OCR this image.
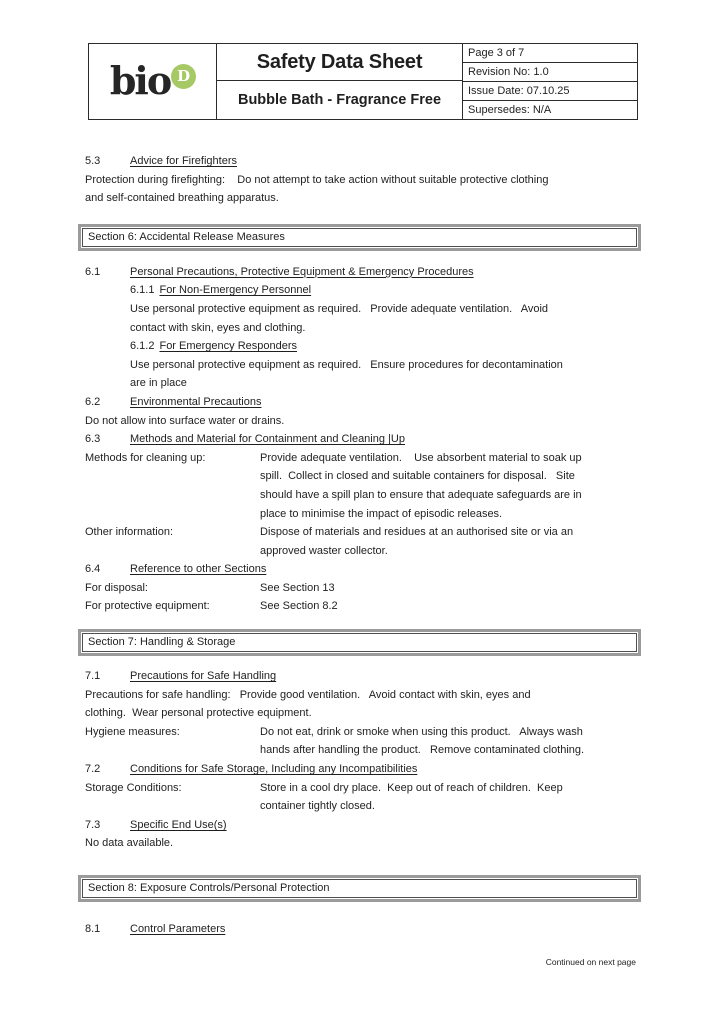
bio D
Safety Data Sheet
Bubble Bath - Fragrance Free
Page 3 of 7
Revision No: 1.0
Issue Date: 07.10.25
Supersedes: N/A
5.3	Advice for Firefighters
Protection during firefighting:    Do not attempt to take action without suitable protective clothing
and self-contained breathing apparatus.
Section 6: Accidental Release Measures
6.1	Personal Precautions, Protective Equipment & Emergency Procedures
6.1.1 For Non-Emergency Personnel
Use personal protective equipment as required.   Provide adequate ventilation.   Avoid
contact with skin, eyes and clothing.
6.1.2 For Emergency Responders
Use personal protective equipment as required.   Ensure procedures for decontamination
are in place
6.2	Environmental Precautions
Do not allow into surface water or drains.
6.3	Methods and Material for Containment and Cleaning |Up
Methods for cleaning up:	Provide adequate ventilation.    Use absorbent material to soak up
spill.  Collect in closed and suitable containers for disposal.   Site
should have a spill plan to ensure that adequate safeguards are in
place to minimise the impact of episodic releases.
Other information:	Dispose of materials and residues at an authorised site or via an
approved waster collector.
6.4	Reference to other Sections
For disposal:	See Section 13
For protective equipment:	See Section 8.2
Section 7: Handling & Storage
7.1	Precautions for Safe Handling
Precautions for safe handling:   Provide good ventilation.   Avoid contact with skin, eyes and
clothing.  Wear personal protective equipment.
Hygiene measures:	Do not eat, drink or smoke when using this product.   Always wash
hands after handling the product.   Remove contaminated clothing.
7.2	Conditions for Safe Storage, Including any Incompatibilities
Storage Conditions:	Store in a cool dry place.  Keep out of reach of children.  Keep
container tightly closed.
7.3	Specific End Use(s)
No data available.
Section 8: Exposure Controls/Personal Protection
8.1	Control Parameters
Continued on next page
